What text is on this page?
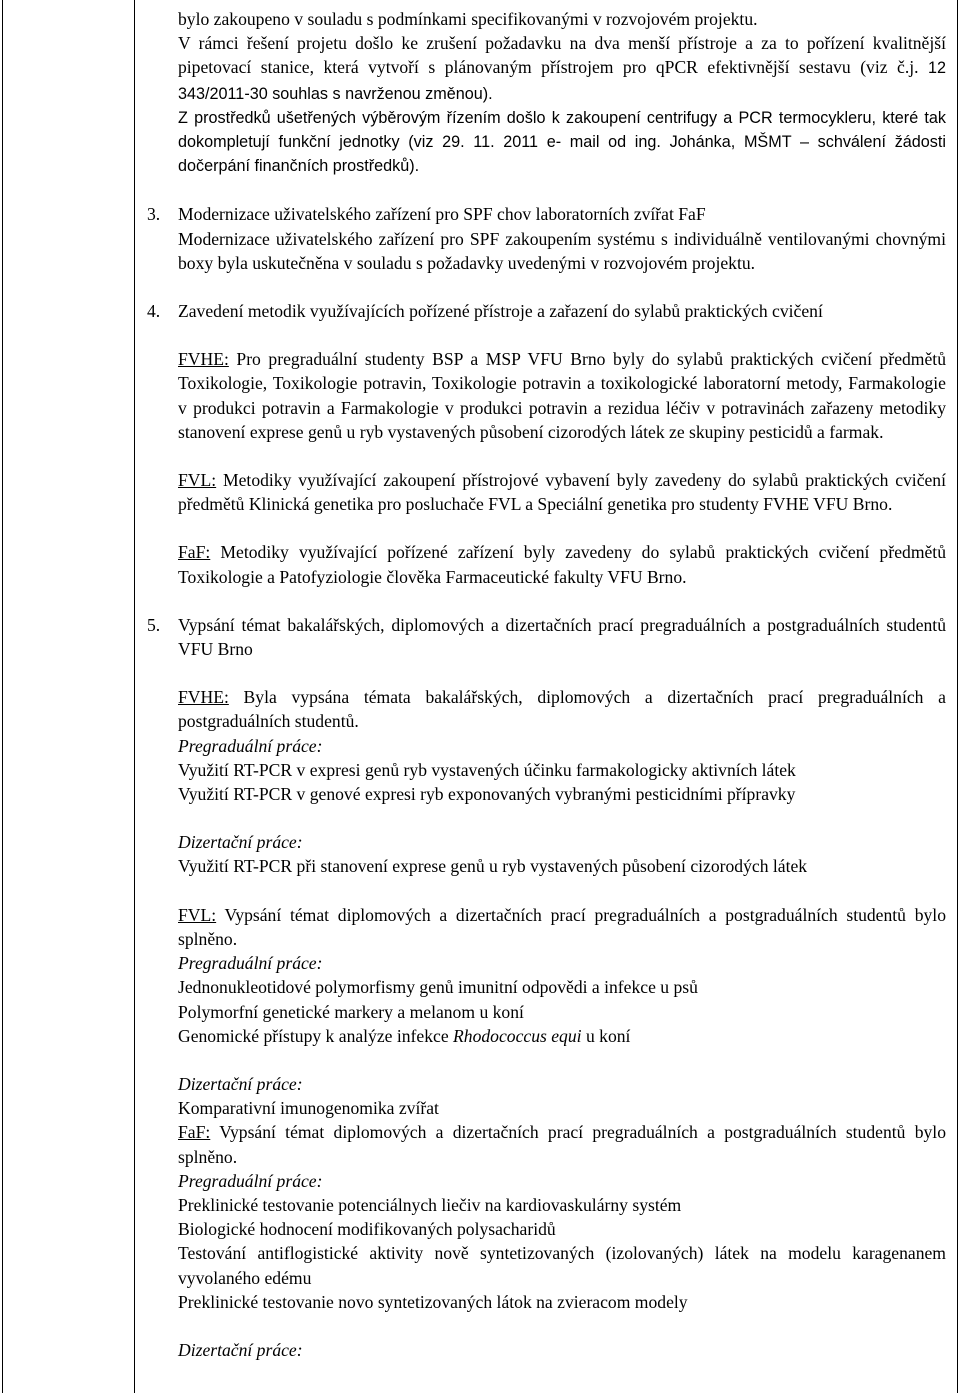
bylo zakoupeno v souladu s podmínkami specifikovanými v rozvojovém projektu.

V rámci řešení projetu došlo ke zrušení požadavku na dva menší přístroje a za to pořízení kvalitnější pipetovací stanice, která vytvoří s plánovaným přístrojem pro qPCR efektivnější sestavu (viz č.j. 12 343/2011-30 souhlas s navrženou změnou).

Z prostředků ušetřených výběrovým řízením došlo k zakoupení centrifugy a PCR termocykleru, které tak dokompletují funkční jednotky (viz 29. 11. 2011 e- mail od ing. Johánka, MŠMT – schválení žádosti dočerpání finančních prostředků).

3. Modernizace uživatelského zařízení pro SPF chov laboratorních zvířat FaF

Modernizace uživatelského zařízení pro SPF zakoupením systému s individuálně ventilovanými chovnými boxy byla uskutečněna v souladu s požadavky uvedenými v rozvojovém projektu.

4. Zavedení metodik využívajících pořízené přístroje a zařazení do sylabů praktických cvičení

FVHE: Pro pregraduální studenty BSP a MSP VFU Brno byly do sylabů praktických cvičení předmětů Toxikologie, Toxikologie potravin, Toxikologie potravin a toxikologické laboratorní metody, Farmakologie v produkci potravin a Farmakologie v produkci potravin a rezidua léčiv v potravinách zařazeny metodiky stanovení exprese genů u ryb vystavených působení cizorodých látek ze skupiny pesticidů a farmak.

FVL: Metodiky využívající zakoupení přístrojové vybavení byly zavedeny do sylabů praktických cvičení předmětů Klinická genetika pro posluchače FVL a Speciální genetika pro studenty FVHE VFU Brno.

FaF: Metodiky využívající pořízené zařízení byly zavedeny do sylabů praktických cvičení předmětů Toxikologie a Patofyziologie člověka Farmaceutické fakulty VFU Brno.

5. Vypsání témat bakalářských, diplomových a dizertačních prací pregraduálních a postgraduálních studentů VFU Brno

FVHE: Byla vypsána témata bakalářských, diplomových a dizertačních prací pregraduálních a postgraduálních studentů.

Pregraduální práce:

Využití RT-PCR v expresi genů ryb vystavených účinku farmakologicky aktivních látek

Využití RT-PCR v genové expresi ryb exponovaných vybranými pesticidními přípravky

Dizertační práce:

Využití RT-PCR při stanovení exprese genů u ryb vystavených působení cizorodých látek

FVL: Vypsání témat diplomových a dizertačních prací pregraduálních a postgraduálních studentů bylo splněno.

Pregraduální práce:

Jednonukleotidové polymorfismy genů imunitní odpovědi a infekce u psů

Polymorfní genetické markery a melanom u koní

Genomické přístupy k analýze infekce Rhodococcus equi u koní

Dizertační práce:

Komparativní imunogenomika zvířat

FaF: Vypsání témat diplomových a dizertačních prací pregraduálních a postgraduálních studentů bylo splněno.

Pregraduální práce:

Preklinické testovanie potenciálnych liečiv na kardiovaskulárny systém

Biologické hodnocení modifikovaných polysacharidů

Testování antiflogistické aktivity nově syntetizovaných (izolovaných) látek na modelu karagenanem vyvolaného edému

Preklinické testovanie novo syntetizovaných látok na zvieracom modely

Dizertační práce:
